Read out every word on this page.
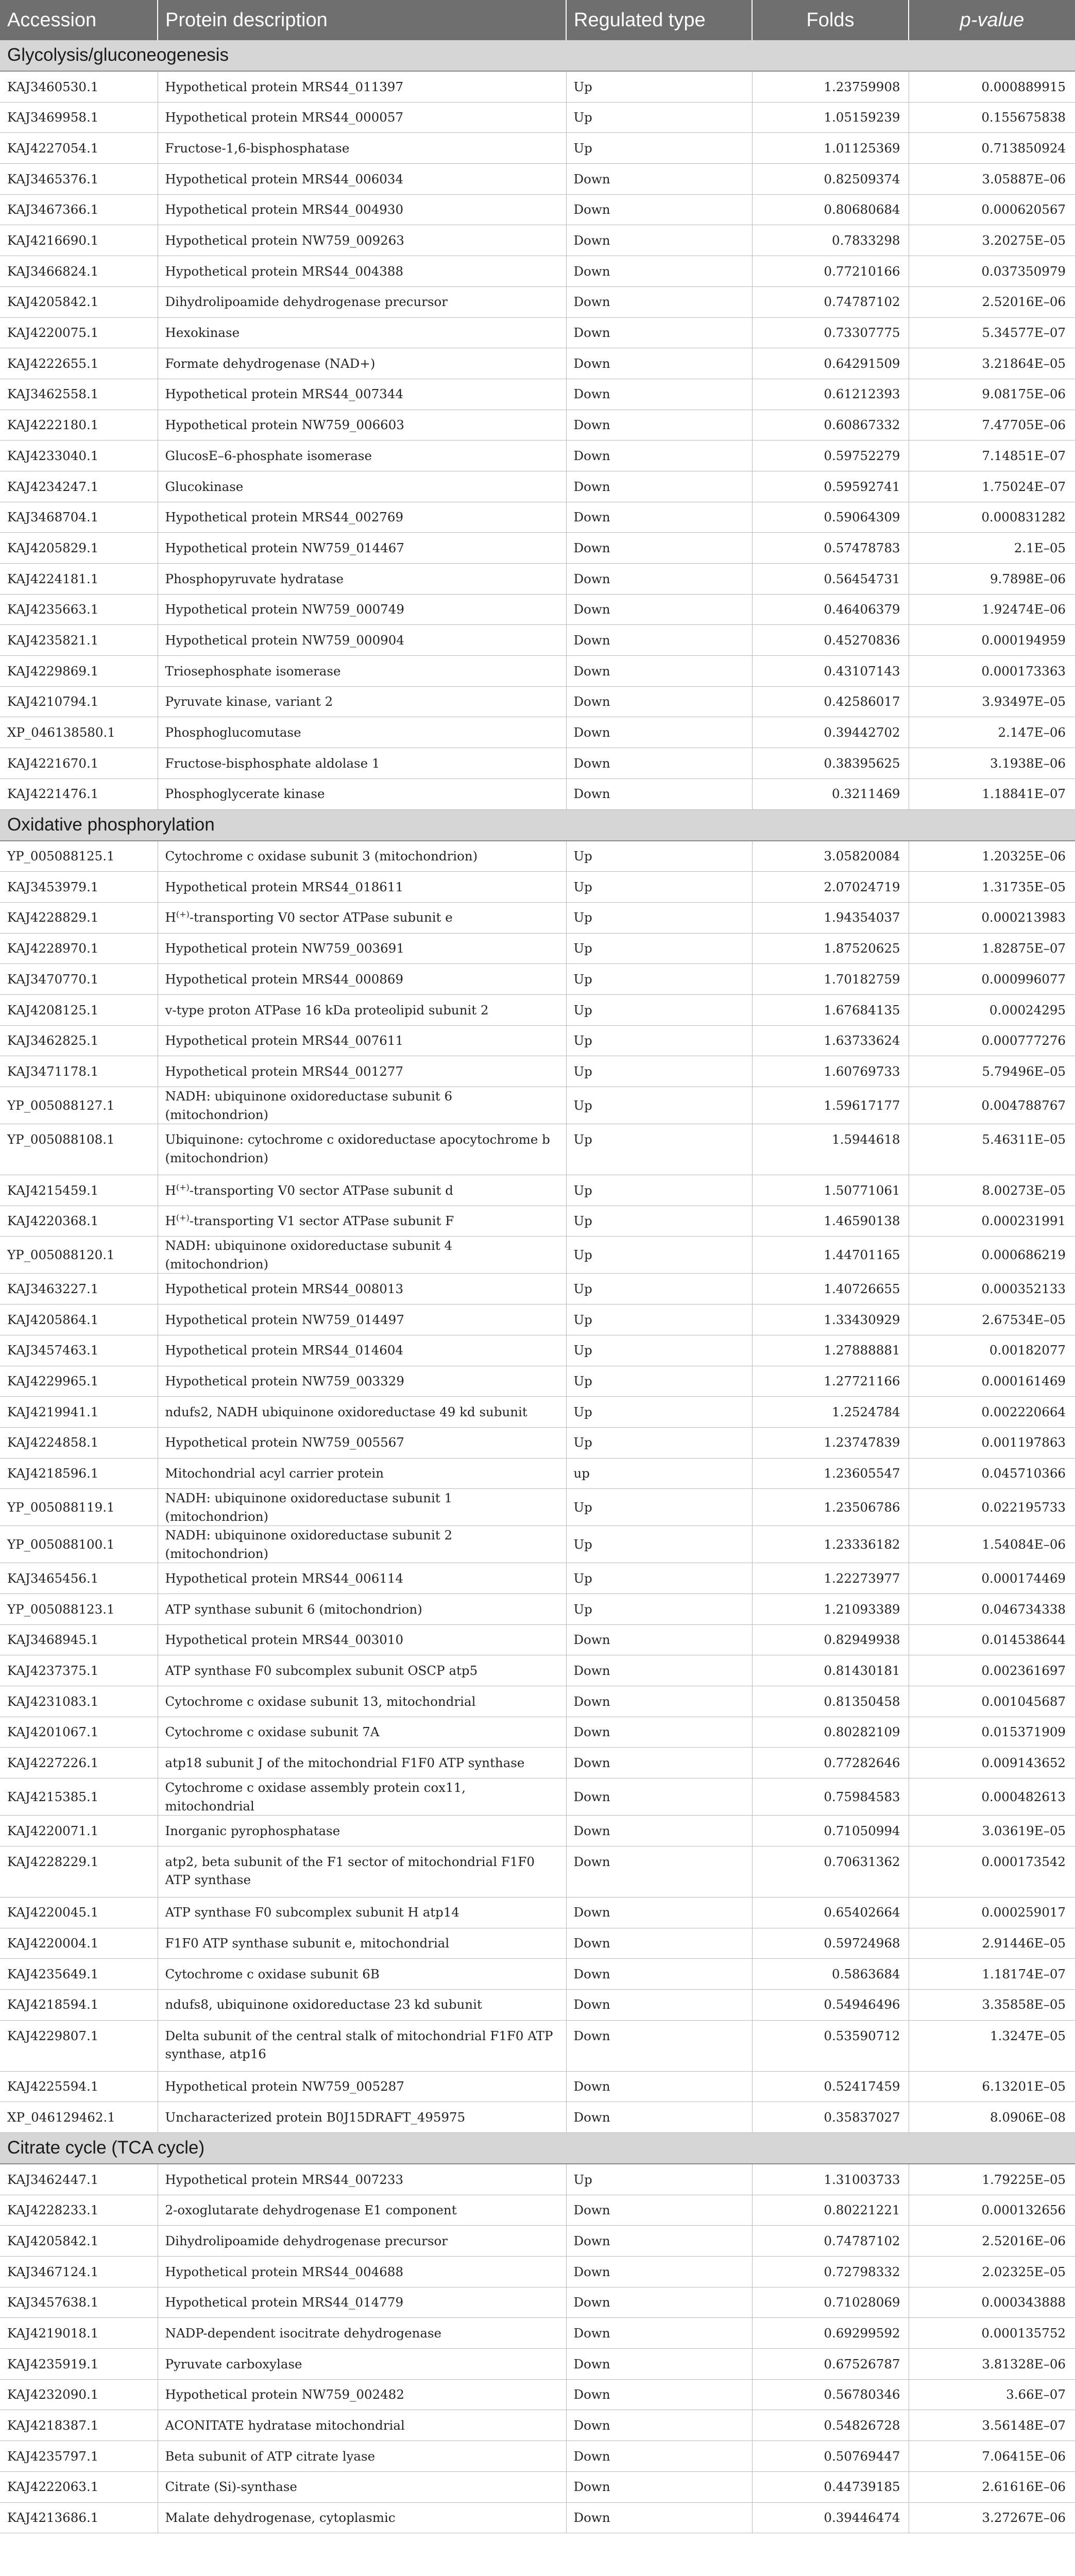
Accession	Protein description	Regulated type	Folds	p-value
Glycolysis/gluconeogenesis				
KAJ3460530.1	Hypothetical protein MRS44_011397	Up	1.23759908	0.000889915
KAJ3469958.1	Hypothetical protein MRS44_000057	Up	1.05159239	0.155675838
KAJ4227054.1	Fructose-1,6-bisphosphatase	Up	1.01125369	0.713850924
KAJ3465376.1	Hypothetical protein MRS44_006034	Down	0.82509374	3.05887E–06
KAJ3467366.1	Hypothetical protein MRS44_004930	Down	0.80680684	0.000620567
KAJ4216690.1	Hypothetical protein NW759_009263	Down	0.7833298	3.20275E–05
KAJ3466824.1	Hypothetical protein MRS44_004388	Down	0.77210166	0.037350979
KAJ4205842.1	Dihydrolipoamide dehydrogenase precursor	Down	0.74787102	2.52016E–06
KAJ4220075.1	Hexokinase	Down	0.73307775	5.34577E–07
KAJ4222655.1	Formate dehydrogenase (NAD+)	Down	0.64291509	3.21864E–05
KAJ3462558.1	Hypothetical protein MRS44_007344	Down	0.61212393	9.08175E–06
KAJ4222180.1	Hypothetical protein NW759_006603	Down	0.60867332	7.47705E–06
KAJ4233040.1	GlucosE–6-phosphate isomerase	Down	0.59752279	7.14851E–07
KAJ4234247.1	Glucokinase	Down	0.59592741	1.75024E–07
KAJ3468704.1	Hypothetical protein MRS44_002769	Down	0.59064309	0.000831282
KAJ4205829.1	Hypothetical protein NW759_014467	Down	0.57478783	2.1E–05
KAJ4224181.1	Phosphopyruvate hydratase	Down	0.56454731	9.7898E–06
KAJ4235663.1	Hypothetical protein NW759_000749	Down	0.46406379	1.92474E–06
KAJ4235821.1	Hypothetical protein NW759_000904	Down	0.45270836	0.000194959
KAJ4229869.1	Triosephosphate isomerase	Down	0.43107143	0.000173363
KAJ4210794.1	Pyruvate kinase, variant 2	Down	0.42586017	3.93497E–05
XP_046138580.1	Phosphoglucomutase	Down	0.39442702	2.147E–06
KAJ4221670.1	Fructose-bisphosphate aldolase 1	Down	0.38395625	3.1938E–06
KAJ4221476.1	Phosphoglycerate kinase	Down	0.3211469	1.18841E–07
Oxidative phosphorylation				
YP_005088125.1	Cytochrome c oxidase subunit 3 (mitochondrion)	Up	3.05820084	1.20325E–06
KAJ3453979.1	Hypothetical protein MRS44_018611	Up	2.07024719	1.31735E–05
KAJ4228829.1	H(+)-transporting V0 sector ATPase subunit e	Up	1.94354037	0.000213983
KAJ4228970.1	Hypothetical protein NW759_003691	Up	1.87520625	1.82875E–07
KAJ3470770.1	Hypothetical protein MRS44_000869	Up	1.70182759	0.000996077
KAJ4208125.1	v-type proton ATPase 16 kDa proteolipid subunit 2	Up	1.67684135	0.00024295
KAJ3462825.1	Hypothetical protein MRS44_007611	Up	1.63733624	0.000777276
KAJ3471178.1	Hypothetical protein MRS44_001277	Up	1.60769733	5.79496E–05
YP_005088127.1	NADH: ubiquinone oxidoreductase subunit 6 (mitochondrion)	Up	1.59617177	0.004788767
YP_005088108.1	Ubiquinone: cytochrome c oxidoreductase apocytochrome b (mitochondrion)	Up	1.5944618	5.46311E–05
KAJ4215459.1	H(+)-transporting V0 sector ATPase subunit d	Up	1.50771061	8.00273E–05
KAJ4220368.1	H(+)-transporting V1 sector ATPase subunit F	Up	1.46590138	0.000231991
YP_005088120.1	NADH: ubiquinone oxidoreductase subunit 4 (mitochondrion)	Up	1.44701165	0.000686219
KAJ3463227.1	Hypothetical protein MRS44_008013	Up	1.40726655	0.000352133
KAJ4205864.1	Hypothetical protein NW759_014497	Up	1.33430929	2.67534E–05
KAJ3457463.1	Hypothetical protein MRS44_014604	Up	1.27888881	0.00182077
KAJ4229965.1	Hypothetical protein NW759_003329	Up	1.27721166	0.000161469
KAJ4219941.1	ndufs2, NADH ubiquinone oxidoreductase 49 kd subunit	Up	1.2524784	0.002220664
KAJ4224858.1	Hypothetical protein NW759_005567	Up	1.23747839	0.001197863
KAJ4218596.1	Mitochondrial acyl carrier protein	up	1.23605547	0.045710366
YP_005088119.1	NADH: ubiquinone oxidoreductase subunit 1 (mitochondrion)	Up	1.23506786	0.022195733
YP_005088100.1	NADH: ubiquinone oxidoreductase subunit 2 (mitochondrion)	Up	1.23336182	1.54084E–06
KAJ3465456.1	Hypothetical protein MRS44_006114	Up	1.22273977	0.000174469
YP_005088123.1	ATP synthase subunit 6 (mitochondrion)	Up	1.21093389	0.046734338
KAJ3468945.1	Hypothetical protein MRS44_003010	Down	0.82949938	0.014538644
KAJ4237375.1	ATP synthase F0 subcomplex subunit OSCP atp5	Down	0.81430181	0.002361697
KAJ4231083.1	Cytochrome c oxidase subunit 13, mitochondrial	Down	0.81350458	0.001045687
KAJ4201067.1	Cytochrome c oxidase subunit 7A	Down	0.80282109	0.015371909
KAJ4227226.1	atp18 subunit J of the mitochondrial F1F0 ATP synthase	Down	0.77282646	0.009143652
KAJ4215385.1	Cytochrome c oxidase assembly protein cox11, mitochondrial	Down	0.75984583	0.000482613
KAJ4220071.1	Inorganic pyrophosphatase	Down	0.71050994	3.03619E–05
KAJ4228229.1	atp2, beta subunit of the F1 sector of mitochondrial F1F0 ATP synthase	Down	0.70631362	0.000173542
KAJ4220045.1	ATP synthase F0 subcomplex subunit H atp14	Down	0.65402664	0.000259017
KAJ4220004.1	F1F0 ATP synthase subunit e, mitochondrial	Down	0.59724968	2.91446E–05
KAJ4235649.1	Cytochrome c oxidase subunit 6B	Down	0.5863684	1.18174E–07
KAJ4218594.1	ndufs8, ubiquinone oxidoreductase 23 kd subunit	Down	0.54946496	3.35858E–05
KAJ4229807.1	Delta subunit of the central stalk of mitochondrial F1F0 ATP synthase, atp16	Down	0.53590712	1.3247E–05
KAJ4225594.1	Hypothetical protein NW759_005287	Down	0.52417459	6.13201E–05
XP_046129462.1	Uncharacterized protein B0J15DRAFT_495975	Down	0.35837027	8.0906E–08
Citrate cycle (TCA cycle)				
KAJ3462447.1	Hypothetical protein MRS44_007233	Up	1.31003733	1.79225E–05
KAJ4228233.1	2-oxoglutarate dehydrogenase E1 component	Down	0.80221221	0.000132656
KAJ4205842.1	Dihydrolipoamide dehydrogenase precursor	Down	0.74787102	2.52016E–06
KAJ3467124.1	Hypothetical protein MRS44_004688	Down	0.72798332	2.02325E–05
KAJ3457638.1	Hypothetical protein MRS44_014779	Down	0.71028069	0.000343888
KAJ4219018.1	NADP-dependent isocitrate dehydrogenase	Down	0.69299592	0.000135752
KAJ4235919.1	Pyruvate carboxylase	Down	0.67526787	3.81328E–06
KAJ4232090.1	Hypothetical protein NW759_002482	Down	0.56780346	3.66E–07
KAJ4218387.1	ACONITATE hydratase mitochondrial	Down	0.54826728	3.56148E–07
KAJ4235797.1	Beta subunit of ATP citrate lyase	Down	0.50769447	7.06415E–06
KAJ4222063.1	Citrate (Si)-synthase	Down	0.44739185	2.61616E–06
KAJ4213686.1	Malate dehydrogenase, cytoplasmic	Down	0.39446474	3.27267E–06
